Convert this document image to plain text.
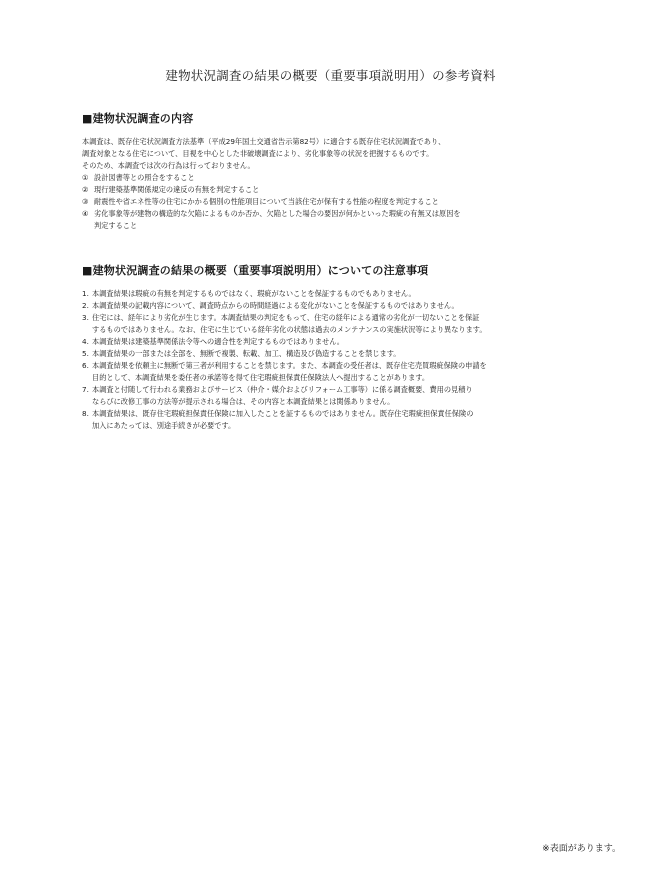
建物状況調査の結果の概要（重要事項説明用）の参考資料
■建物状況調査の内容
本調査は、既存住宅状況調査方法基準（平成29年国土交通省告示第82号）に適合する既存住宅状況調査であり、
調査対象となる住宅について、目視を中心とした非破壊調査により、劣化事象等の状況を把握するものです。
そのため、本調査では次の行為は行っておりません。
① 設計図書等との照合をすること
② 現行建築基準関係規定の違反の有無を判定すること
③ 耐震性や省エネ性等の住宅にかかる個別の性能項目について当該住宅が保有する性能の程度を判定すること
④ 劣化事象等が建物の構造的な欠陥によるものか否か、欠陥とした場合の要因が何かといった瑕疵の有無又は原因を
判定すること
■建物状況調査の結果の概要（重要事項説明用）についての注意事項
1. 本調査結果は瑕疵の有無を判定するものではなく、瑕疵がないことを保証するものでもありません。
2. 本調査結果の記載内容について、調査時点からの時間経過による変化がないことを保証するものではありません。
3. 住宅には、経年により劣化が生じます。本調査結果の判定をもって、住宅の経年による通常の劣化が一切ないことを保証
するものではありません。なお、住宅に生じている経年劣化の状態は過去のメンテナンスの実施状況等により異なります。
4. 本調査結果は建築基準関係法令等への適合性を判定するものではありません。
5. 本調査結果の一部または全部を、無断で複製、転載、加工、構造及び偽造することを禁じます。
6. 本調査結果を依頼主に無断で第三者が利用することを禁じます。また、本調査の受任者は、既存住宅売買瑕疵保険の申請を
目的として、本調査結果を委任者の承諾等を得て住宅瑕疵担保責任保険法人へ提出することがあります。
7. 本調査と付随して行われる業務およびサービス（仲介・媒介およびリフォーム工事等）に係る調査概要、費用の見積り
ならびに改修工事の方法等が提示される場合は、その内容と本調査結果とは関係ありません。
8. 本調査結果は、既存住宅瑕疵担保責任保険に加入したことを証するものではありません。既存住宅瑕疵担保責任保険の
加入にあたっては、別途手続きが必要です。
※表面があります。
